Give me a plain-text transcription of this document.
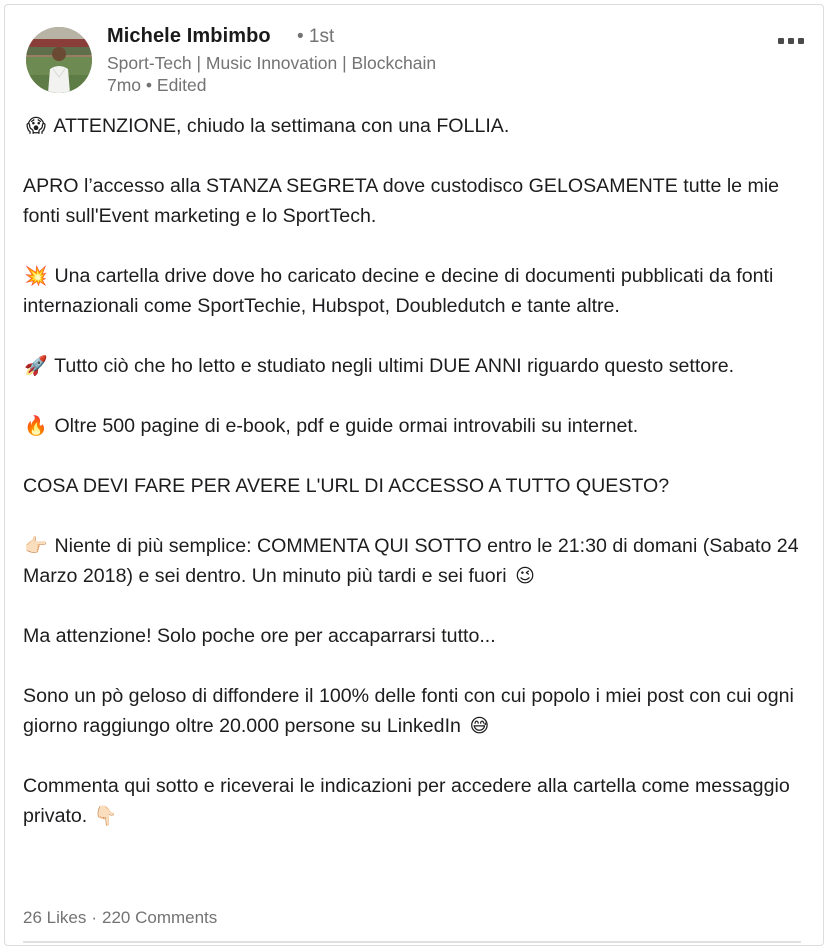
Michele Imbimbo • 1st
Sport-Tech | Music Innovation | Blockchain
7mo • Edited

😱 ATTENZIONE, chiudo la settimana con una FOLLIA.

APRO l’accesso alla STANZA SEGRETA dove custodisco GELOSAMENTE tutte le mie fonti sull'Event marketing e lo SportTech.

💥 Una cartella drive dove ho caricato decine e decine di documenti pubblicati da fonti internazionali come SportTechie, Hubspot, Doubledutch e tante altre.

🚀 Tutto ciò che ho letto e studiato negli ultimi DUE ANNI riguardo questo settore.

🔥 Oltre 500 pagine di e-book, pdf e guide ormai introvabili su internet.

COSA DEVI FARE PER AVERE L'URL DI ACCESSO A TUTTO QUESTO?

👉🏻 Niente di più semplice: COMMENTA QUI SOTTO entro le 21:30 di domani (Sabato 24 Marzo 2018) e sei dentro. Un minuto più tardi e sei fuori 😉

Ma attenzione! Solo poche ore per accaparrarsi tutto...

Sono un pò geloso di diffondere il 100% delle fonti con cui popolo i miei post con cui ogni giorno raggiungo oltre 20.000 persone su LinkedIn 😅

Commenta qui sotto e riceverai le indicazioni per accedere alla cartella come messaggio privato. 👇🏻

26 Likes · 220 Comments
